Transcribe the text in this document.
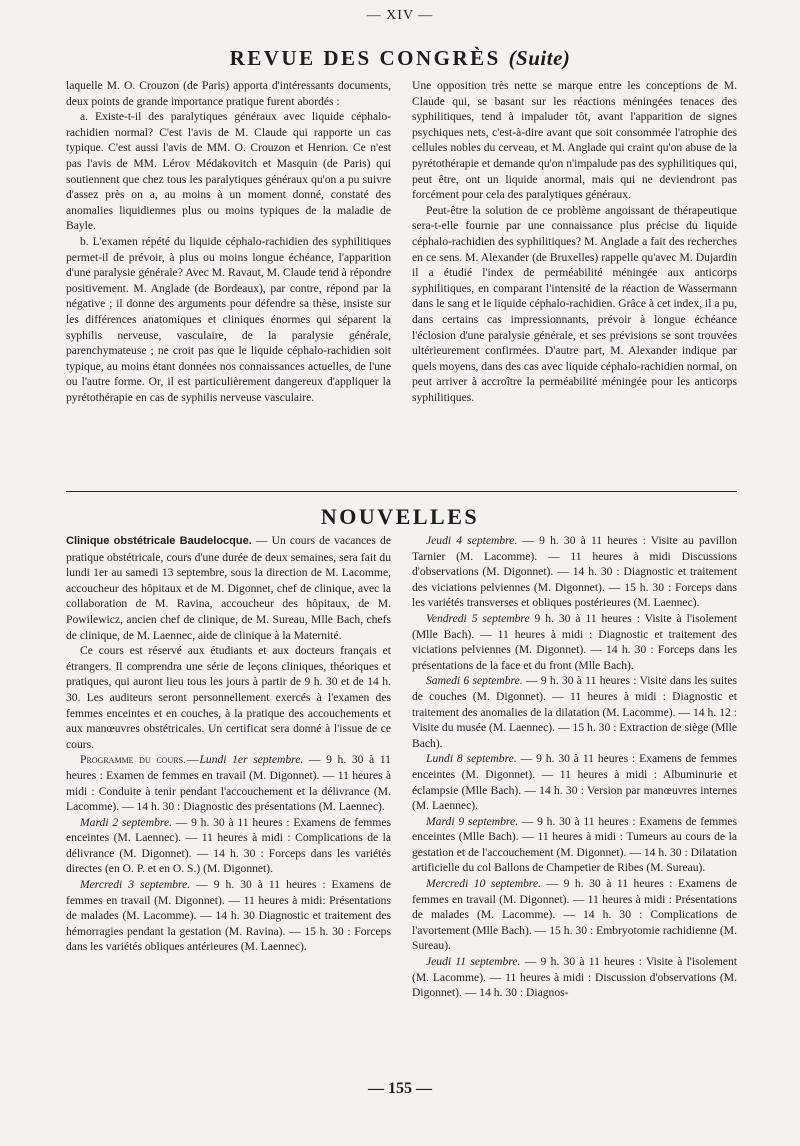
— XIV —
REVUE DES CONGRÈS (Suite)

laquelle M. O. Crouzon (de Paris) apporta d'intéressants documents, deux points de grande importance pratique furent abordés :

a. Existe-t-il des paralytiques généraux avec liquide céphalo-rachidien normal? C'est l'avis de M. Claude qui rapporte un cas typique. C'est aussi l'avis de MM. O. Crouzon et Henrion. Ce n'est pas l'avis de MM. Lérov Médakovitch et Masquin (de Paris) qui soutiennent que chez tous les paralytiques généraux qu'on a pu suivre d'assez près on a, au moins à un moment donné, constaté des anomalies liquidiennes plus ou moins typiques de la maladie de Bayle.

b. L'examen répété du liquide céphalo-rachidien des syphilitiques permet-il de prévoir, à plus ou moins longue échéance, l'apparition d'une paralysie générale? Avec M. Ravaut, M. Claude tend à répondre positivement. M. Anglade (de Bordeaux), par contre, répond par la négative ; il donne des arguments pour défendre sa thèse, insiste sur les différences anatomiques et cliniques énormes qui séparent la syphilis nerveuse, vasculaire, de la paralysie générale, parenchymateuse ; ne croit pas que le liquide céphalo-rachidien soit typique, au moins étant données nos connaissances actuelles, de l'une ou l'autre forme. Or, il est particulièrement dangereux d'appliquer la pyrétothérapie en cas de syphilis nerveuse vasculaire.

Une opposition très nette se marque entre les conceptions de M. Claude qui, se basant sur les réactions méningées tenaces des syphilitiques, tend à impaluder tôt, avant l'apparition de signes psychiques nets, c'est-à-dire avant que soit consommée l'atrophie des cellules nobles du cerveau, et M. Anglade qui craint qu'on abuse de la pyrétothérapie et demande qu'on n'impalude pas des syphilitiques qui, peut être, ont un liquide anormal, mais qui ne deviendront pas forcément pour cela des paralytiques généraux.

Peut-être la solution de ce problème angoissant de thérapeutique sera-t-elle fournie par une connaissance plus précise du liquide céphalo-rachidien des syphilitiques? M. Anglade a fait des recherches en ce sens. M. Alexander (de Bruxelles) rappelle qu'avec M. Dujardin il a étudié l'index de perméabilité méningée aux anticorps syphilitiques, en comparant l'intensité de la réaction de Wassermann dans le sang et le liquide céphalo-rachidien. Grâce à cet index, il a pu, dans certains cas impressionnants, prévoir à longue échéance l'éclosion d'une paralysie générale, et ses prévisions se sont trouvées ultérieurement confirmées. D'autre part, M. Alexander indique par quels moyens, dans des cas avec liquide céphalo-rachidien normal, on peut arriver à accroître la perméabilité méningée pour les anticorps syphilitiques.

NOUVELLES

Clinique obstétricale Baudelocque. — Un cours de vacances de pratique obstétricale, cours d'une durée de deux semaines, sera fait du lundi 1er au samedi 13 septembre, sous la direction de M. Lacomme, accoucheur des hôpitaux et de M. Digonnet, chef de clinique, avec la collaboration de M. Ravina, accoucheur des hôpitaux, de M. Powilewicz, ancien chef de clinique, de M. Sureau, Mlle Bach, chefs de clinique, de M. Laennec, aide de clinique à la Maternité.

Ce cours est réservé aux étudiants et aux docteurs français et étrangers. Il comprendra une série de leçons cliniques, théoriques et pratiques, qui auront lieu tous les jours à partir de 9 h. 30 et de 14 h. 30. Les auditeurs seront personnellement exercés à l'examen des femmes enceintes et en couches, à la pratique des accouchements et aux manœuvres obstétricales. Un certificat sera donné à l'issue de ce cours.

Programme du cours. — Lundi 1er septembre. — 9 h. 30 à 11 heures : Examen de femmes en travail (M. Digonnet). — 11 heures à midi : Conduite à tenir pendant l'accouchement et la délivrance (M. Lacomme). — 14 h. 30 : Diagnostic des présentations (M. Laennec).

Mardi 2 septembre. — 9 h. 30 à 11 heures : Examens de femmes enceintes (M. Laennec). — 11 heures à midi : Complications de la délivrance (M. Digonnet). — 14 h. 30 : Forceps dans les variétés directes (en O. P. et en O. S.) (M. Digonnet).

Mercredi 3 septembre. — 9 h. 30 à 11 heures : Examens de femmes en travail (M. Digonnet). — 11 heures à midi: Présentations de malades (M. Lacomme). — 14 h. 30 Diagnostic et traitement des hémorragies pendant la gestation (M. Ravina). — 15 h. 30 : Forceps dans les variétés obliques antérieures (M. Laennec).

Jeudi 4 septembre. — 9 h. 30 à 11 heures : Visite au pavillon Tarnier (M. Lacomme). — 11 heures à midi Discussions d'observations (M. Digonnet). — 14 h. 30 : Diagnostic et traitement des viciations pelviennes (M. Digonnet). — 15 h. 30 : Forceps dans les variétés transverses et obliques postérieures (M. Laennec).

Vendredi 5 septembre 9 h. 30 à 11 heures : Visite à l'isolement (Mlle Bach). — 11 heures à midi : Diagnostic et traitement des viciations pelviennes (M. Digonnet). — 14 h. 30 : Forceps dans les présentations de la face et du front (Mlle Bach).

Samedi 6 septembre. — 9 h. 30 à 11 heures : Visite dans les suites de couches (M. Digonnet). — 11 heures à midi : Diagnostic et traitement des anomalies de la dilatation (M. Lacomme). — 14 h. 12 : Visite du musée (M. Laennec). — 15 h. 30 : Extraction de siège (Mlle Bach).

Lundi 8 septembre. — 9 h. 30 à 11 heures : Examens de femmes enceintes (M. Digonnet). — 11 heures à midi : Albuminurie et éclampsie (Mlle Bach). — 14 h. 30 : Version par manœuvres internes (M. Laennec).

Mardi 9 septembre. — 9 h. 30 à 11 heures : Examens de femmes enceintes (Mlle Bach). — 11 heures à midi : Tumeurs au cours de la gestation et de l'accouchement (M. Digonnet). — 14 h. 30 : Dilatation artificielle du col Ballons de Champetier de Ribes (M. Sureau).

Mercredi 10 septembre. — 9 h. 30 à 11 heures : Examens de femmes en travail (M. Digonnet). — 11 heures à midi : Présentations de malades (M. Lacomme). — 14 h. 30 : Complications de l'avortement (Mlle Bach). — 15 h. 30 : Embryotomie rachidienne (M. Sureau).

Jeudi 11 septembre. — 9 h. 30 à 11 heures : Visite à l'isolement (M. Lacomme). — 11 heures à midi : Discussion d'observations (M. Digonnet). — 14 h. 30 : Diagnos-

— 155 —
